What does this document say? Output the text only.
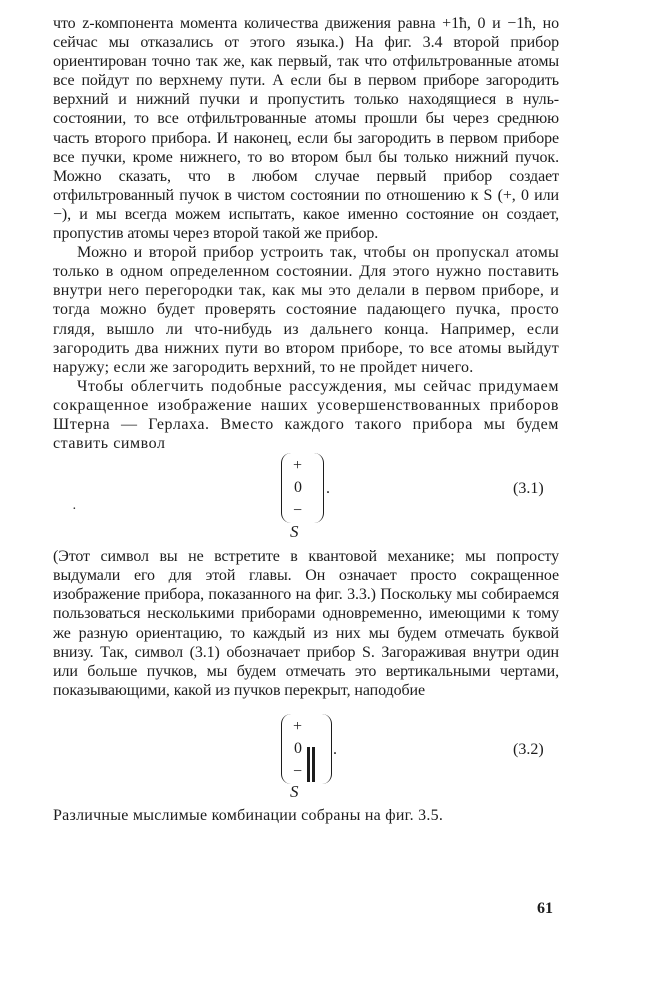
что z-компонента момента количества движения равна +1ħ, 0 и −1ħ, но сейчас мы отказались от этого языка.) На фиг. 3.4 второй прибор ориентирован точно так же, как первый, так что отфильтрованные атомы все пойдут по верхнему пути. А если бы в первом приборе загородить верхний и нижний пучки и пропустить только находящиеся в нуль-состоянии, то все отфильтрованные атомы прошли бы через среднюю часть второго прибора. И наконец, если бы загородить в первом приборе все пучки, кроме нижнего, то во втором был бы только нижний пучок. Можно сказать, что в любом случае первый прибор создает отфильтрованный пучок в чистом состоянии по отношению к S (+, 0 или −), и мы всегда можем испытать, какое именно состояние он создает, пропустив атомы через второй такой же прибор.

Можно и второй прибор устроить так, чтобы он пропускал атомы только в одном определенном состоянии. Для этого нужно поставить внутри него перегородки так, как мы это делали в первом приборе, и тогда можно будет проверять состояние падающего пучка, просто глядя, вышло ли что-нибудь из дальнего конца. Например, если загородить два нижних пути во втором приборе, то все атомы выйдут наружу; если же загородить верхний, то не пройдет ничего.

Чтобы облегчить подобные рассуждения, мы сейчас придумаем сокращенное изображение наших усовершенствованных приборов Штерна — Герлаха. Вместо каждого такого прибора мы будем ставить символ

+
0
−
.
S
(3.1)
·

(Этот символ вы не встретите в квантовой механике; мы попросту выдумали его для этой главы. Он означает просто сокращенное изображение прибора, показанного на фиг. 3.3.) Поскольку мы собираемся пользоваться несколькими приборами одновременно, имеющими к тому же разную ориентацию, то каждый из них мы будем отмечать буквой внизу. Так, символ (3.1) обозначает прибор S. Загораживая внутри один или больше пучков, мы будем отмечать это вертикальными чертами, показывающими, какой из пучков перекрыт, наподобие

+
0
−
.
S
(3.2)

Различные мыслимые комбинации собраны на фиг. 3.5.

61
